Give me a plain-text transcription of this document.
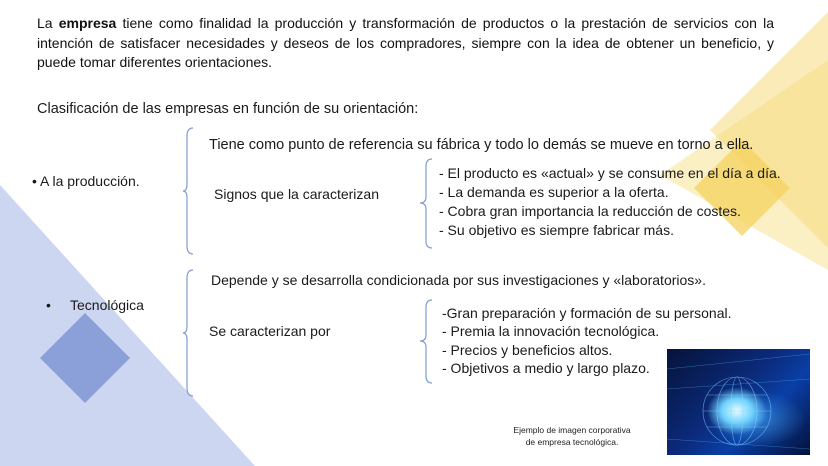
La empresa tiene como finalidad la producción y transformación de productos o la prestación de servicios con la intención de satisfacer necesidades y deseos de los compradores, siempre con la idea de obtener un beneficio, y puede tomar diferentes orientaciones.
Clasificación de las empresas en función de su orientación:
• A la producción.
Tiene como punto de referencia su fábrica y todo lo demás se mueve en torno a ella.
Signos que la caracterizan
- El producto es «actual» y se consume en el día a día.
- La demanda es superior a la oferta.
- Cobra gran importancia la reducción de costes.
- Su objetivo es siempre fabricar más.
• Tecnológica
Depende y se desarrolla condicionada por sus investigaciones y «laboratorios».
Se caracterizan por
-Gran preparación y formación de su personal.
- Premia la innovación tecnológica.
- Precios y beneficios altos.
- Objetivos a medio y largo plazo.
Ejemplo de imagen corporativa
de empresa tecnológica.
